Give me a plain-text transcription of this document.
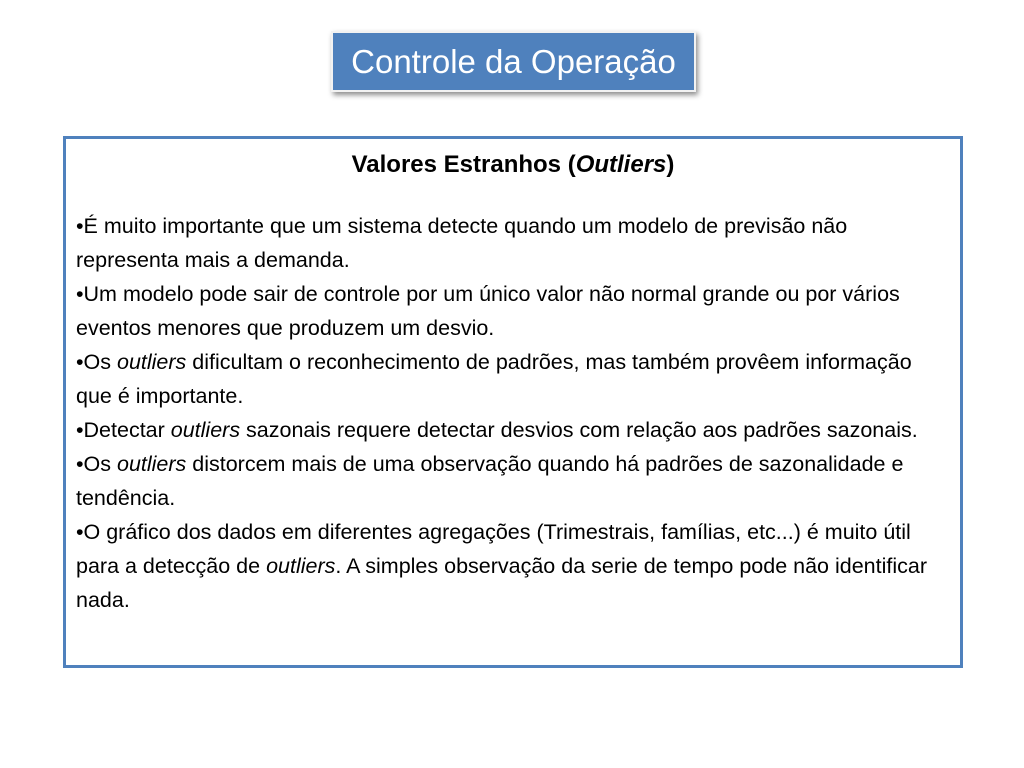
Controle da Operação
Valores Estranhos (Outliers)
•É muito importante que um sistema detecte quando um modelo de previsão não representa mais a demanda.
•Um modelo pode sair de controle por um único valor não normal grande ou por vários eventos menores que produzem um desvio.
•Os outliers dificultam o reconhecimento de padrões, mas também provêem informação que é importante.
•Detectar outliers sazonais requere detectar desvios com relação aos padrões sazonais.
•Os outliers distorcem mais de uma observação quando há padrões de sazonalidade e tendência.
•O gráfico dos dados em diferentes agregações (Trimestrais, famílias, etc...) é muito útil para a detecção de outliers. A simples observação da serie de tempo pode não identificar nada.
